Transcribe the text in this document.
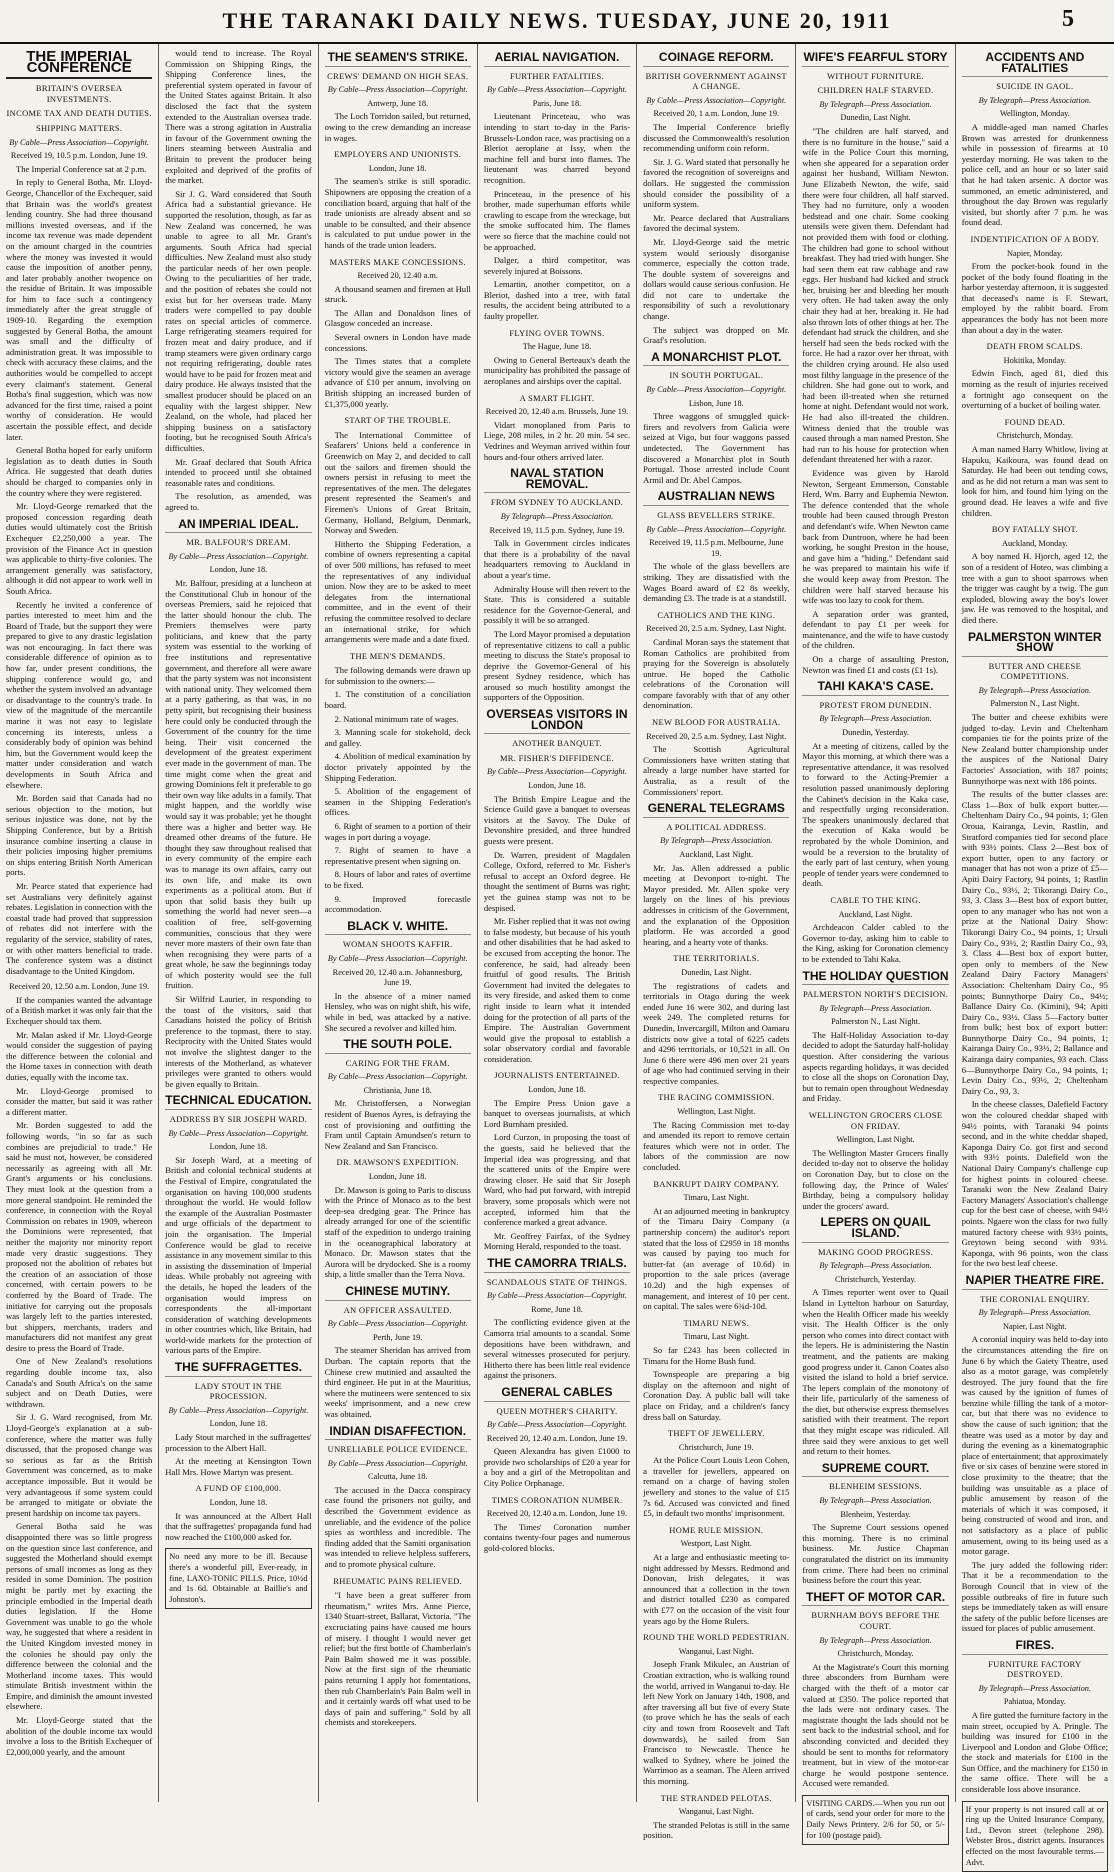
THE TARANAKI DAILY NEWS. TUESDAY, JUNE 20, 1911	5
THE IMPERIAL CONFERENCE
BRITAIN'S OVERSEA INVESTMENTS.
INCOME TAX AND DEATH DUTIES.
SHIPPING MATTERS.
By Cable—Press Association—Copyright.
Received 19, 10.5 p.m. London, June 19.

The Imperial Conference sat at 2 p.m.

In reply to General Botha, Mr. Lloyd-George, Chancellor of the Exchequer, said that Britain was the world's greatest lending country. She had three thousand millions invested overseas, and if the income tax revenue was made dependent on the amount charged in the countries where the money was invested it would cause the imposition of another penny, and later probably another twopence on the residue of Britain. It was impossible for him to face such a contingency immediately after the great struggle of 1909-10. Regarding the exemption suggested by General Botha, the amount was small and the difficulty of administration great. It was impossible to check with accuracy these claims, and the authorities would be compelled to accept every claimant's statement. General Botha's final suggestion, which was now advanced for the first time, raised a point worthy of consideration. He would ascertain the possible effect, and decide later.

General Botha hoped for early uniform legislation as to death duties in South Africa. He suggested that death duties should be charged to companies only in the country where they were registered.

Mr. Lloyd-George remarked that the proposed concession regarding death duties would ultimately cost the British Exchequer £2,250,000 a year. The provision of the Finance Act in question was applicable to thirty-five colonies. The arrangement generally was satisfactory, although it did not appear to work well in South Africa.

Recently he invited a conference of parties interested to meet him and the Board of Trade, but the support they were prepared to give to any drastic legislation was not encouraging. In fact there was considerable difference of opinion as to how far, under present conditions, the shipping conference would go, and whether the system involved an advantage or disadvantage to the country's trade. In view of the magnitude of the mercantile marine it was not easy to legislate concerning its interests, unless a considerably body of opinion was behind him, but the Government would keep the matter under consideration and watch developments in South Africa and elsewhere.

Mr. Borden said that Canada had no serious objection to the motion, but serious injustice was done, not by the Shipping Conference, but by a British insurance combine inserting a clause in their policies imposing higher premiums on ships entering British North American ports.

Mr. Pearce stated that experience had set Australians very definitely against rebates. Legislation in connection with the coastal trade had proved that suppression of rebates did not interfere with the regularity of the service, stability of rates, or with other matters beneficial to trade. The conference system was a distinct disadvantage to the United Kingdom.

Received 20, 12.50 a.m. London, June 19.

If the companies wanted the advantage of a British market it was only fair that the Exchequer should tax them.

Mr. Malan asked if Mr. Lloyd-George would consider the suggestion of paying the difference between the colonial and the Home taxes in connection with death duties, equally with the income tax.

Mr. Lloyd-George promised to consider the matter, but said it was rather a different matter.

Mr. Borden suggested to add the following words, "in so far as such combines are prejudicial to trade." He said he must not, however, be considered necessarily as agreeing with all Mr. Grant's arguments or his conclusions. They must look at the question from a more general standpoint. He reminded the conference, in connection with the Royal Commission on rebates in 1909, whereon the Dominions were represented, that neither the majority nor minority report made very drastic suggestions. They proposed not the abolition of rebates but the creation of an association of those concerned, with certain powers to be conferred by the Board of Trade. The initiative for carrying out the proposals was largely left to the parties interested, but shippers, merchants, traders and manufacturers did not manifest any great desire to press the Board of Trade.

One of New Zealand's resolutions regarding double income tax, also Canada's and South Africa's on the same subject and on Death Duties, were withdrawn.

Sir J. G. Ward recognised, from Mr. Lloyd-George's explanation at a sub-conference, where the matter was fully discussed, that the proposed change was so serious as far as the British Government was concerned, as to make acceptance impossible. But it would be very advantageous if some system could be arranged to mitigate or obviate the present hardship on income tax payers.

General Botha said he was disappointed there was so little progress on the question since last conference, and suggested the Motherland should exempt persons of small incomes as long as they resided in some Dominion. The position might be partly met by exacting the principle embodied in the Imperial death duties legislation. If the Home Government was unable to go the whole way, he suggested that where a resident in the United Kingdom invested money in the colonies he should pay only the difference between the colonial and the Motherland income taxes. This would stimulate British investment within the Empire, and diminish the amount invested elsewhere.

Mr. Lloyd-George stated that the abolition of the double income tax would involve a loss to the British Exchequer of £2,000,000 yearly, and the amount

would tend to increase. The Royal Commission on Shipping Rings, the Shipping Conference lines, the preferential system operated in favour of the United States against Britain. It also disclosed the fact that the system extended to the Australian oversea trade. There was a strong agitation in Australia in favour of the Government owning the liners steaming between Australia and Britain to prevent the producer being exploited and deprived of the profits of the market.

Sir J. G. Ward considered that South Africa had a substantial grievance. He supported the resolution, though, as far as New Zealand was concerned, he was unable to agree to all Mr. Grant's arguments. South Africa had special difficulties. New Zealand must also study the particular needs of her own people. Owing to the peculiarities of her trade, and the position of rebates she could not exist but for her overseas trade. Many traders were compelled to pay double rates on special articles of commerce. Large refrigerating steamers required for frozen meat and dairy produce, and if tramp steamers were given ordinary cargo not requiring refrigerating, double rates would have to be paid for frozen meat and dairy produce. He always insisted that the smallest producer should be placed on an equality with the largest shipper. New Zealand, on the whole, had placed her shipping business on a satisfactory footing, but he recognised South Africa's difficulties.

Mr. Graaf declared that South Africa intended to proceed until she obtained reasonable rates and conditions.

The resolution, as amended, was agreed to.

AN IMPERIAL IDEAL.
MR. BALFOUR'S DREAM.
By Cable—Press Association—Copyright.
London, June 18.

Mr. Balfour, presiding at a luncheon at the Constitutional Club in honour of the overseas Premiers, said he rejoiced that the latter should honour the club. The Premiers themselves were party politicians, and knew that the party system was essential to the working of free institutions and representative government, and therefore all were aware that the party system was not inconsistent with national unity. They welcomed them at a party gathering, as that was, in no petty spirit, but recognising their business here could only be conducted through the Government of the country for the time being. Their visit concerned the development of the greatest experiment ever made in the government of man. The time might come when the great and growing Dominions felt it preferable to go their own way like adults in a family. That might happen, and the worldly wise would say it was probable; yet he thought there was a higher and better way. He dreamed other dreams of the future. He thought they saw throughout realised that in every community of the empire each was to manage its own affairs, carry out its own life, and make its own experiments as a political atom. But if upon that solid basis they built up something the world had never seen—a coalition of free, self-governing communities, conscious that they were never more masters of their own fate than when recognising they were parts of a great whole, he saw the beginnings today of which posterity would see the full fruition.

Sir Wilfrid Laurier, in responding to the toast of the visitors, said that Canadians hoisted the policy of British preference to the topmast, there to stay. Reciprocity with the United States would not involve the slightest danger to the interests of the Motherland, as whatever privileges were granted to others would be given equally to Britain.

TECHNICAL EDUCATION.
ADDRESS BY SIR JOSEPH WARD.
By Cable—Press Association—Copyright.
London, June 18.

Sir Joseph Ward, at a meeting of British and colonial technical students at the Festival of Empire, congratulated the organisation on having 100,000 students throughout the world. He would follow the example of the Australian Postmaster and urge officials of the department to join the organisation. The Imperial Conference would be glad to receive assistance in any movement similar to this in assisting the dissemination of Imperial ideas. While probably not agreeing with the details, he hoped the leaders of the organisation would impress on correspondents the all-important consideration of watching developments in other countries which, like Britain, had world-wide markets for the protection of various parts of the Empire.

THE SUFFRAGETTES.
LADY STOUT IN THE PROCESSION.
By Cable—Press Association—Copyright.
London, June 18.

Lady Stout marched in the suffragettes' procession to the Albert Hall.

At the meeting at Kensington Town Hall Mrs. Howe Martyn was present.

A FUND OF £100,000.
London, June 18.

It was announced at the Albert Hall that the suffragettes' propaganda fund had now reached the £100,000 asked for.

No need any more to be ill. Because there's a wonderful pill, Ever-ready, in fine, LAXO-TONIC PILLS. Price, 10½d and 1s 6d. Obtainable at Baillie's and Johnston's.
THE SEAMEN'S STRIKE.
CREWS' DEMAND ON HIGH SEAS.
By Cable—Press Association—Copyright.
Antwerp, June 18.

The Loch Torridon sailed, but returned, owing to the crew demanding an increase in wages.

EMPLOYERS AND UNIONISTS.
London, June 18.

The seamen's strike is still sporadic. Shipowners are opposing the creation of a conciliation board, arguing that half of the trade unionists are already absent and so unable to be consulted, and their absence is calculated to put undue power in the hands of the trade union leaders.

MASTERS MAKE CONCESSIONS.
Received 20, 12.40 a.m.

A thousand seamen and firemen at Hull struck.

The Allan and Donaldson lines of Glasgow conceded an increase.

Several owners in London have made concessions.

The Times states that a complete victory would give the seamen an average advance of £10 per annum, involving on British shipping an increased burden of £1,375,000 yearly.

START OF THE TROUBLE.

The International Committee of Seafarers' Unions held a conference in Greenwich on May 2, and decided to call out the sailors and firemen should the owners persist in refusing to meet the representatives of the men. The delegates present represented the Seamen's and Firemen's Unions of Great Britain, Germany, Holland, Belgium, Denmark, Norway and Sweden.

Hitherto the Shipping Federation, a combine of owners representing a capital of over 500 millions, has refused to meet the representatives of any individual union. Now they are to be asked to meet delegates from the international committee, and in the event of their refusing the committee resolved to declare an international strike, for which arrangements were made and a date fixed.

THE MEN'S DEMANDS.

The following demands were drawn up for submission to the owners:—

1. The constitution of a conciliation board.

2. National minimum rate of wages.

3. Manning scale for stokehold, deck and galley.

4. Abolition of medical examination by doctor privately appointed by the Shipping Federation.

5. Abolition of the engagement of seamen in the Shipping Federation's offices.

6. Right of seamen to a portion of their wages in port during a voyage.

7. Right of seamen to have a representative present when signing on.

8. Hours of labor and rates of overtime to be fixed.

9. Improved forecastle accommodation.

BLACK V. WHITE.
WOMAN SHOOTS KAFFIR.
By Cable—Press Association—Copyright.
Received 20, 12.40 a.m. Johannesburg, June 19.

In the absence of a miner named Hensley, who was on night shift, his wife, while in bed, was attacked by a native. She secured a revolver and killed him.

THE SOUTH POLE.
CARING FOR THE FRAM.
By Cable—Press Association—Copyright.
Christiania, June 18.

Mr. Christoffersen, a Norwegian resident of Buenos Ayres, is defraying the cost of provisioning and outfitting the Fram until Captain Amundsen's return to New Zealand and San Francisco.

DR. MAWSON'S EXPEDITION.
London, June 18.

Dr. Mawson is going to Paris to discuss with the Prince of Monaco as to the best deep-sea dredging gear. The Prince has already arranged for one of the scientific staff of the expedition to undergo training in the oceanographical laboratory at Monaco. Dr. Mawson states that the Aurora will be drydocked. She is a roomy ship, a little smaller than the Terra Nova.

CHINESE MUTINY.
AN OFFICER ASSAULTED.
By Cable—Press Association—Copyright.
Perth, June 19.

The steamer Sheridan has arrived from Durban. The captain reports that the Chinese crew mutinied and assaulted the third engineer. He put in at the Mauritius, where the mutineers were sentenced to six weeks' imprisonment, and a new crew was obtained.

INDIAN DISAFFECTION.
UNRELIABLE POLICE EVIDENCE.
By Cable—Press Association—Copyright.
Calcutta, June 18.

The accused in the Dacca conspiracy case found the prisoners not guilty, and described the Government evidence as unreliable, and the evidence of the police spies as worthless and incredible. The finding added that the Samiti organisation was intended to relieve helpless sufferers, and to promote physical culture.

RHEUMATIC PAINS RELIEVED.

"I have been a great sufferer from rheumatism," writes Mrs. Anne Pierce, 1340 Stuart-street, Ballarat, Victoria. "The excruciating pains have caused me hours of misery. I thought I would never get relief; but the first bottle of Chamberlain's Pain Balm showed me it was possible. Now at the first sign of the rheumatic pains returning I apply hot fomentations, then rub Chamberlain's Pain Balm well in and it certainly wards off what used to be days of pain and suffering." Sold by all chemists and storekeepers.

AERIAL NAVIGATION.
FURTHER FATALITIES.
By Cable—Press Association—Copyright.
Paris, June 18.

Lieutenant Princeteau, who was intending to start to-day in the Paris-Brussels-London race, was practising on a Bleriot aeroplane at Issy, when the machine fell and burst into flames. The lieutenant was charred beyond recognition.

Princeteau, in the presence of his brother, made superhuman efforts while crawling to escape from the wreckage, but the smoke suffocated him. The flames were so fierce that the machine could not be approached.

Dalger, a third competitor, was severely injured at Boissons.

Lemartin, another competitor, on a Bleriot, dashed into a tree, with fatal results, the accident being attributed to a faulty propeller.

FLYING OVER TOWNS.
The Hague, June 18.

Owing to General Berteaux's death the municipality has prohibited the passage of aeroplanes and airships over the capital.

A SMART FLIGHT.
Received 20, 12.40 a.m. Brussels, June 19.

Vidart monoplaned from Paris to Liege, 208 miles, in 2 hr. 20 min. 54 sec. Vedrines and Weyman arrived within four hours and-four others arrived later.

NAVAL STATION REMOVAL.
FROM SYDNEY TO AUCKLAND.
By Telegraph—Press Association.
Received 19, 11.5 p.m. Sydney, June 19.

Talk in Government circles indicates that there is a probability of the naval headquarters removing to Auckland in about a year's time.

Admiralty House will then revert to the State. This is considered a suitable residence for the Governor-General, and possibly it will be so arranged.

The Lord Mayor promised a deputation of representative citizens to call a public meeting to discuss the State's proposal to deprive the Governor-General of his present Sydney residence, which has aroused so much hostility amongst the supporters of the Opposition.

OVERSEAS VISITORS IN LONDON
ANOTHER BANQUET.
MR. FISHER'S DIFFIDENCE.
By Cable—Press Association—Copyright.
London, June 18.

The British Empire League and the Science Guild gave a banquet to overseas visitors at the Savoy. The Duke of Devonshire presided, and three hundred guests were present.

Dr. Warren, president of Magdalen College, Oxford, referred to Mr. Fisher's refusal to accept an Oxford degree. He thought the sentiment of Burns was right; yet the guinea stamp was not to be despised.

Mr. Fisher replied that it was not owing to false modesty, but because of his youth and other disabilities that he had asked to be excused from accepting the honor. The conference, he said, had already been fruitful of good results. The British Government had invited the delegates to its very fireside, and asked them to come right inside to learn what it intended doing for the protection of all parts of the Empire. The Australian Government would give the proposal to establish a solar observatory cordial and favorable consideration.

JOURNALISTS ENTERTAINED.
London, June 18.

The Empire Press Union gave a banquet to overseas journalists, at which Lord Burnham presided.

Lord Curzon, in proposing the toast of the guests, said he believed that the Imperial idea was progressing, and that the scattered units of the Empire were drawing closer. He said that Sir Joseph Ward, who had put forward, with intrepid bravery, some proposals which were not accepted, informed him that the conference marked a great advance.

Mr. Geoffrey Fairfax, of the Sydney Morning Herald, responded to the toast.

THE CAMORRA TRIALS.
SCANDALOUS STATE OF THINGS.
By Cable—Press Association—Copyright.
Rome, June 18.

The conflicting evidence given at the Camorra trial amounts to a scandal. Some depositions have been withdrawn, and several witnesses prosecuted for perjury. Hitherto there has been little real evidence against the prisoners.

GENERAL CABLES
QUEEN MOTHER'S CHARITY.
By Cable—Press Association—Copyright.
Received 20, 12.40 a.m. London, June 19.

Queen Alexandra has given £1000 to provide two scholarships of £20 a year for a boy and a girl of the Metropolitan and City Police Orphanage.

TIMES CORONATION NUMBER.
Received 20, 12.40 a.m. London, June 19.

The Times' Coronation number contains twenty-four pages and numerous gold-colored blocks.

COINAGE REFORM.
BRITISH GOVERNMENT AGAINST A CHANGE.
By Cable—Press Association—Copyright.
Received 20, 1 a.m. London, June 19.

The Imperial Conference briefly discussed the Commonwealth's resolution recommending uniform coin reform.

Sir. J. G. Ward stated that personally he favored the recognition of sovereigns and dollars. He suggested the commission should consider the possibility of a uniform system.

Mr. Pearce declared that Australians favored the decimal system.

Mr. Lloyd-George said the metric system would seriously disorganise commerce, especially the cotton trade. The double system of sovereigns and dollars would cause serious confusion. He did not care to undertake the responsibility of such a revolutionary change.

The subject was dropped on Mr. Graaf's resolution.

A MONARCHIST PLOT.
IN SOUTH PORTUGAL.
By Cable—Press Association—Copyright.
Lisbon, June 18.

Three waggons of smuggled quick-firers and revolvers from Galicia were seized at Vigo, but four waggons passed undetected. The Government has discovered a Monarchist plot in South Portugal. Those arrested include Count Armil and Dr. Abel Campos.

AUSTRALIAN NEWS
GLASS BEVELLERS STRIKE.
By Cable—Press Association—Copyright.
Received 19, 11.5 p.m. Melbourne, June 19.

The whole of the glass bevellers are striking. They are dissatisfied with the Wages Board award of £2 8s weekly, demanding £3. The trade is at a standstill.

CATHOLICS AND THE KING.
Received 20, 2.5 a.m. Sydney, Last Night.

Cardinal Moran says the statement that Roman Catholics are prohibited from praying for the Sovereign is absolutely untrue. He hoped the Catholic celebrations of the Coronation will compare favorably with that of any other denomination.

NEW BLOOD FOR AUSTRALIA.
Received 20, 2.5 a.m. Sydney, Last Night.

The Scottish Agricultural Commissioners have written stating that already a large number have started for Australia, as a result of the Commissioners' report.

GENERAL TELEGRAMS
A POLITICAL ADDRESS.
By Telegraph—Press Association.
Auckland, Last Night.

Mr. Jas. Allen addressed a public meeting at Devonport to-night. The Mayor presided. Mr. Allen spoke very largely on the lines of his previous addresses in criticism of the Government, and the explanation of the Opposition platform. He was accorded a good hearing, and a hearty vote of thanks.

THE TERRITORIALS.
Dunedin, Last Night.

The registrations of cadets and territorials in Otago during the week ended June 16 were 302, and during last week 249. The completed returns for Dunedin, Invercargill, Milton and Oamaru districts now give a total of 6225 cadets and 4296 territorials, or 10,521 in all. On June 6 there were 496 men over 21 years of age who had continued serving in their respective companies.

THE RACING COMMISSION.
Wellington, Last Night.

The Racing Commission met to-day and amended its report to remove certain features which were not in order. The labors of the commission are now concluded.

BANKRUPT DAIRY COMPANY.
Timaru, Last Night.

At an adjourned meeting in bankruptcy of the Timaru Dairy Company (a partnership concern) the auditor's report stated that the loss of £2959 in 18 months was caused by paying too much for butter-fat (an average of 10.6d) in proportion to the sale prices (average 10.2d) and the high expenses of management, and interest of 10 per cent. on capital. The sales were 6¾d-10d.

TIMARU NEWS.
Timaru, Last Night.

So far £243 has been collected in Timaru for the Home Bush fund.

Townspeople are preparing a big display on the afternoon and night of Coronation Day. A public ball will take place on Friday, and a children's fancy dress ball on Saturday.

THEFT OF JEWELLERY.
Christchurch, June 19.

At the Police Court Louis Leon Cohen, a traveller for jewellers, appeared on remand on a charge of having stolen jewellery and stones to the value of £15 7s 6d. Accused was convicted and fined £5, in default two months' imprisonment.

HOME RULE MISSION.
Westport, Last Night.

At a large and enthusiastic meeting to-night addressed by Messrs. Redmond and Donovan, Irish delegates, it was announced that a collection in the town and district totalled £230 as compared with £77 on the occasion of the visit four years ago by the Home Rulers.

ROUND THE WORLD PEDESTRIAN.
Wanganui, Last Night.

Joseph Frank Mikulec, an Austrian of Croatian extraction, who is walking round the world, arrived in Wanganui to-day. He left New York on January 14th, 1908, and after traversing all but five of every State (to prove which he has the seals of each city and town from Roosevelt and Taft downwards), he sailed from San Francisco to Newcastle. Thence he walked to Sydney, where he joined the Warrimoo as a seaman. The Aleen arrived this morning.

THE STRANDED PELOTAS.
Wanganui, Last Night.

The stranded Pelotas is still in the same position.

WIFE'S FEARFUL STORY
WITHOUT FURNITURE.
CHILDREN HALF STARVED.
By Telegraph—Press Association.
Dunedin, Last Night.

"The children are half starved, and there is no furniture in the house," said a wife in the Police Court this morning, when she appeared for a separation order against her husband, William Newton. June Elizabeth Newton, the wife, said there were four children, all half starved. They had no furniture, only a wooden bedstead and one chair. Some cooking utensils were given them. Defendant had not provided them with food or clothing. The children had gone to school without breakfast. They had tried with hunger. She had seen them eat raw cabbage and raw eggs. Her husband had kicked and struck her, bruising her and bleeding her mouth very often. He had taken away the only chair they had at her, breaking it. He had also thrown lots of other things at her. The defendant had struck the children, and she herself had seen the beds rocked with the force. He had a razor over her throat, with the children crying around. He also used most filthy language in the presence of the children. She had gone out to work, and had been ill-treated when she returned home at night. Defendant would not work. He had also ill-treated the children. Witness denied that the trouble was caused through a man named Preston. She had run to his house for protection when defendant threatened her with a razor.

Evidence was given by Harold Newton, Sergeant Emmerson, Constable Herd, Wm. Barry and Euphemia Newton. The defence contended that the whole trouble had been caused through Preston and defendant's wife. When Newton came back from Duntroon, where he had been working, he sought Preston in the house, and gave him a "hiding." Defendant said he was prepared to maintain his wife if she would keep away from Preston. The children were half starved because his wife was too lazy to cook for them.

A separation order was granted, defendant to pay £1 per week for maintenance, and the wife to have custody of the children.

On a charge of assaulting Preston, Newton was fined £1 and costs (£1 1s).

TAHI KAKA'S CASE.
PROTEST FROM DUNEDIN.
By Telegraph—Press Association.
Dunedin, Yesterday.

At a meeting of citizens, called by the Mayor this morning, at which there was a representative attendance, it was resolved to forward to the Acting-Premier a resolution passed unanimously deploring the Cabinet's decision in the Kaka case, and respectfully urging reconsideration. The speakers unanimously declared that the execution of Kaka would be reprobated by the whole Dominion, and would be a reversion to the brutality of the early part of last century, when young people of tender years were condemned to death.

CABLE TO THE KING.
Auckland, Last Night.

Archdeacon Calder cabled to the Governor to-day, asking him to cable to the King, asking for Coronation clemency to be extended to Tahi Kaka.

THE HOLIDAY QUESTION
PALMERSTON NORTH'S DECISION.
By Telegraph—Press Association.
Palmerston N., Last Night.

The Half-Holiday Association to-day decided to adopt the Saturday half-holiday question. After considering the various aspects regarding holidays, it was decided to close all the shops on Coronation Day, but to remain open throughout Wednesday and Friday.

WELLINGTON GROCERS CLOSE ON FRIDAY.
Wellington, Last Night.

The Wellington Master Grocers finally decided to-day not to observe the holiday on Coronation Day, but to close on the following day, the Prince of Wales' Birthday, being a compulsory holiday under the grocers' award.

LEPERS ON QUAIL ISLAND.
MAKING GOOD PROGRESS.
By Telegraph—Press Association.
Christchurch, Yesterday.

A Times reporter went over to Quail Island in Lyttelton harbour on Saturday, when the Health Officer made his weekly visit. The Health Officer is the only person who comes into direct contact with the lepers. He is administering the Nastin treatment, and the patients are making good progress under it. Canon Coates also visited the island to hold a brief service. The lepers complain of the monotony of their life, particularly of the sameness of the diet, but otherwise express themselves satisfied with their treatment. The report that they might escape was ridiculed. All three said they were anxious to get well and return to their homes.

SUPREME COURT.
BLENHEIM SESSIONS.
By Telegraph—Press Association.
Blenheim, Yesterday.

The Supreme Court sessions opened this morning. There is no criminal business. Mr. Justice Chapman congratulated the district on its immunity from crime. There had been no criminal business before the court this year.

THEFT OF MOTOR CAR.
BURNHAM BOYS BEFORE THE COURT.
By Telegraph—Press Association.
Christchurch, Monday.

At the Magistrate's Court this morning three absconders from Burnham were charged with the theft of a motor car valued at £350. The police reported that the lads were not ordinary cases. The magistrate thought the lads should not be sent back to the industrial school, and for absconding convicted and decided they should be sent to months for reformatory treatment, but in view of the motor-car charge he would postpone sentence. Accused were remanded.

VISITING CARDS.—When you run out of cards, send your order for more to the Daily News Printery. 2/6 for 50, or 5/- for 100 (postage paid).
ACCIDENTS AND FATALITIES
SUICIDE IN GAOL.
By Telegraph—Press Association.
Wellington, Monday.

A middle-aged man named Charles Brown was arrested for drunkenness while in possession of firearms at 10 yesterday morning. He was taken to the police cell, and an hour or so later said that he had taken arsenic. A doctor was summoned, an emetic administered, and throughout the day Brown was regularly visited, but shortly after 7 p.m. he was found dead.

INDENTIFICATION OF A BODY.
Napier, Monday.

From the pocket-book found in the pocket of the body found floating in the harbor yesterday afternoon, it is suggested that deceased's name is F. Stewart, employed by the rabbit board. From appearances the body has not been more than about a day in the water.

DEATH FROM SCALDS.
Hokitika, Monday.

Edwin Finch, aged 81, died this morning as the result of injuries received a fortnight ago consequent on the overturning of a bucket of boiling water.

FOUND DEAD.
Christchurch, Monday.

A man named Harry Whitlow, living at Hapuku, Kaikoura, was found dead on Saturday. He had been out tending cows, and as he did not return a man was sent to look for him, and found him lying on the ground dead. He leaves a wife and five children.

BOY FATALLY SHOT.
Auckland, Monday.

A boy named H. Hjorch, aged 12, the son of a resident of Hoteo, was climbing a tree with a gun to shoot sparrows when the trigger was caught by a twig. The gun exploded, blowing away the boy's lower jaw. He was removed to the hospital, and died there.

PALMERSTON WINTER SHOW
BUTTER AND CHEESE COMPETITIONS.
By Telegraph—Press Association.
Palmerston N., Last Night.

The butter and cheese exhibits were judged to-day. Levin and Cheltenham companies tie for the points prize of the New Zealand butter championship under the auspices of the National Dairy Factories' Association, with 187 points; Bunnythorpe was next with 186 points.

The results of the butter classes are: Class 1—Box of bulk export butter.—Cheltenham Dairy Co., 94 points, 1; Glen Oroua, Kairanga, Levin, Rastlin, and Stratford companies tied for second place with 93½ points. Class 2—Best box of export butter, open to any factory or manager that has not won a prize of £5—Apiti Dairy Factory, 94 points, 1; Rastlin Dairy Co., 93½, 2; Tikorangi Dairy Co., 93, 3. Class 3—Best box of export butter, open to any manager who has not won a prize at the National Dairy Show: Tikorangi Dairy Co., 94 points, 1; Ursuli Dairy Co., 93½, 2; Rastlin Dairy Co., 93, 3. Class 4—Best box of export butter, open only to members of the New Zealand Dairy Factory Managers' Association: Cheltenham Dairy Co., 95 points; Bunnythorpe Dairy Co., 94½; Ballance Dairy Co. (Kimini), 94; Apiti Dairy Co., 93½. Class 5—Factory butter from bulk; best box of export butter: Bunnythorpe Dairy Co., 94 points, 1; Kairanga Dairy Co., 93½, 2; Ballance and Kairanga dairy companies, 93 each. Class 6—Bunnythorpe Dairy Co., 94 points, 1; Levin Dairy Co., 93½, 2; Cheltenham Dairy Co., 93, 3.

In the cheese classes, Dalefield Factory won the coloured cheddar shaped with 94½ points, with Taranaki 94 points second, and in the white cheddar shaped, Kaponga Dairy Co. got first and second with 93½ points. Dalefield won the National Dairy Company's challenge cup for highest points in coloured cheese. Taranaki won the New Zealand Dairy Factory Managers' Association's challenge cup for the best case of cheese, with 94½ points. Ngaere won the class for two fully matured factory cheese with 93½ points, Greytown being second with 93½. Kaponga, with 96 points, won the class for the two best leaf cheese.

NAPIER THEATRE FIRE.
THE CORONIAL ENQUIRY.
By Telegraph—Press Association.
Napier, Last Night.

A coronial inquiry was held to-day into the circumstances attending the fire on June 6 by which the Gaiety Theatre, used also as a motor garage, was completely destroyed. The jury found that the fire was caused by the ignition of fumes of benzine while filling the tank of a motor-car, but that there was no evidence to show the cause of such ignition; that the theatre was used as a motor by day and during the evening as a kinematographic place of entertainment; that approximately five or six cases of benzine were stored in close proximity to the theatre; that the building was unsuitable as a place of public amusement by reason of the materials of which it was composed, it being constructed of wood and iron, and not satisfactory as a place of public amusement, owing to its being used as a motor garage.

The jury added the following rider: That it be a recommendation to the Borough Council that in view of the possible outbreaks of fire in future such steps be immediately taken as will ensure the safety of the public before licenses are issued for places of public amusement.

FIRES.
FURNITURE FACTORY DESTROYED.
By Telegraph—Press Association.
Pahiatua, Monday.

A fire gutted the furniture factory in the main street, occupied by A. Pringle. The building was insured for £100 in the Liverpool and London and Globe Office; the stock and materials for £100 in the Sun Office, and the machinery for £150 in the same office. There will be a considerable loss above insurance.

If your property is not insured call at or ring up the United Insurance Company, Ltd., Devon street (telephone 298). Webster Bros., district agents. Insurances effected on the most favourable terms.—Advt.
